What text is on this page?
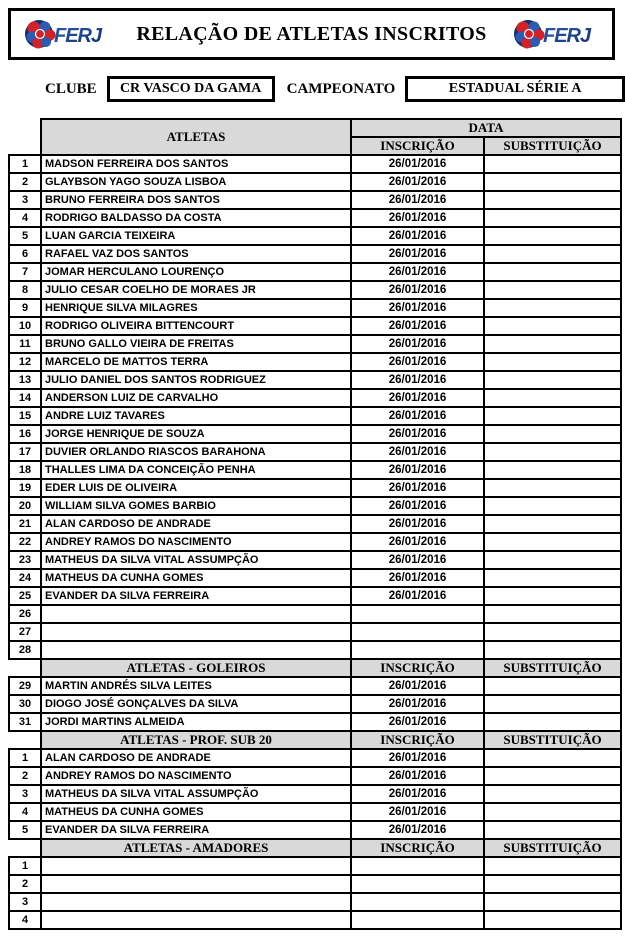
FERJ RELAÇÃO DE ATLETAS INSCRITOS	FERJ
CLUBE	CR VASCO DA GAMA	CAMPEONATO	ESTADUAL SÉRIE A
	ATLETAS	DATA	
		INSCRIÇÃO	SUBSTITUIÇÃO
1	MADSON FERREIRA DOS SANTOS	26/01/2016	
2	GLAYBSON YAGO SOUZA LISBOA	26/01/2016	
3	BRUNO FERREIRA DOS SANTOS	26/01/2016	
4	RODRIGO BALDASSO DA COSTA	26/01/2016	
5	LUAN GARCIA TEIXEIRA	26/01/2016	
6	RAFAEL VAZ DOS SANTOS	26/01/2016	
7	JOMAR HERCULANO LOURENÇO	26/01/2016	
8	JULIO CESAR COELHO DE MORAES JR	26/01/2016	
9	HENRIQUE SILVA MILAGRES	26/01/2016	
10	RODRIGO OLIVEIRA BITTENCOURT	26/01/2016	
11	BRUNO GALLO VIEIRA DE FREITAS	26/01/2016	
12	MARCELO DE MATTOS TERRA	26/01/2016	
13	JULIO DANIEL DOS SANTOS RODRIGUEZ	26/01/2016	
14	ANDERSON LUIZ DE CARVALHO	26/01/2016	
15	ANDRE LUIZ TAVARES	26/01/2016	
16	JORGE HENRIQUE DE SOUZA	26/01/2016	
17	DUVIER ORLANDO RIASCOS BARAHONA	26/01/2016	
18	THALLES LIMA DA CONCEIÇÃO PENHA	26/01/2016	
19	EDER LUIS DE OLIVEIRA	26/01/2016	
20	WILLIAM SILVA GOMES BARBIO	26/01/2016	
21	ALAN CARDOSO DE ANDRADE	26/01/2016	
22	ANDREY RAMOS DO NASCIMENTO	26/01/2016	
23	MATHEUS DA SILVA VITAL ASSUMPÇÃO	26/01/2016	
24	MATHEUS DA CUNHA GOMES	26/01/2016	
25	EVANDER DA SILVA FERREIRA	26/01/2016	
26			
27			
28			
	ATLETAS - GOLEIROS	INSCRIÇÃO	SUBSTITUIÇÃO
29	MARTIN ANDRÉS SILVA LEITES	26/01/2016	
30	DIOGO JOSÉ GONÇALVES DA SILVA	26/01/2016	
31	JORDI MARTINS ALMEIDA	26/01/2016	
	ATLETAS - PROF. SUB 20	INSCRIÇÃO	SUBSTITUIÇÃO
1	ALAN CARDOSO DE ANDRADE	26/01/2016	
2	ANDREY RAMOS DO NASCIMENTO	26/01/2016	
3	MATHEUS DA SILVA VITAL ASSUMPÇÃO	26/01/2016	
4	MATHEUS DA CUNHA GOMES	26/01/2016	
5	EVANDER DA SILVA FERREIRA	26/01/2016	
	ATLETAS - AMADORES	INSCRIÇÃO	SUBSTITUIÇÃO
1			
2			
3			
4			
